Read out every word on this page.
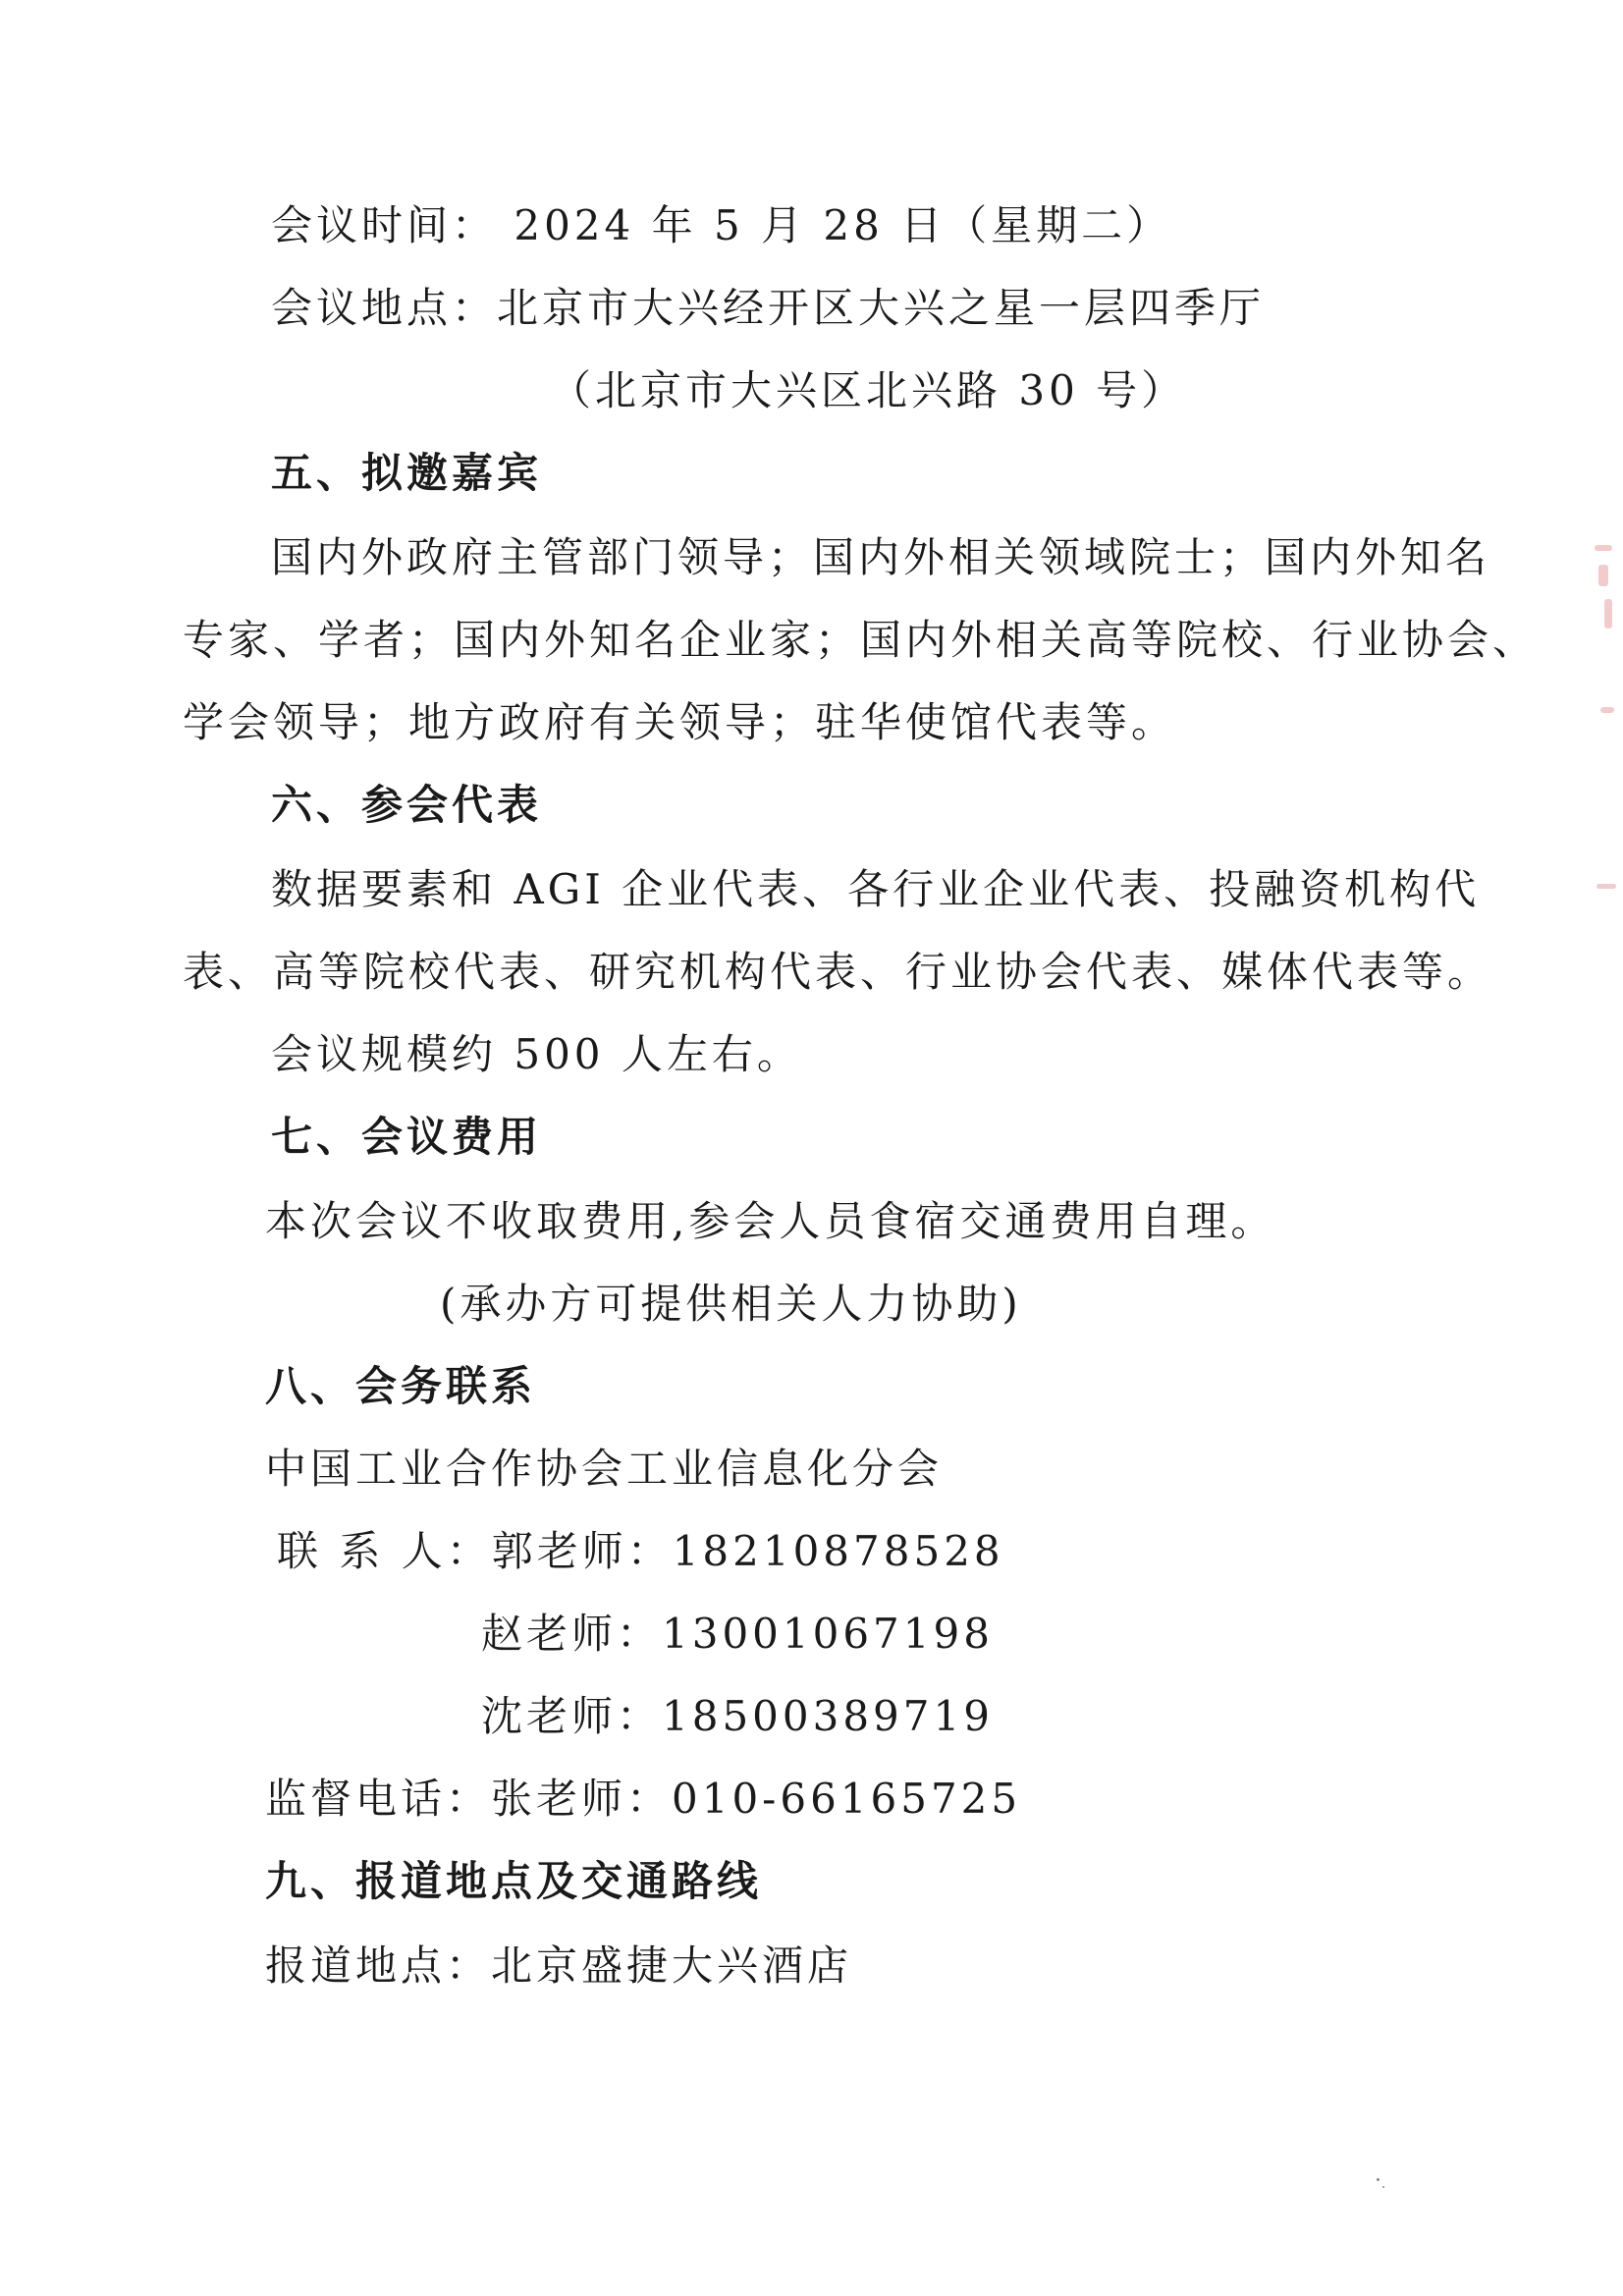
会议时间： 2024 年 5 月 28 日（星期二）
会议地点：北京市大兴经开区大兴之星一层四季厅
（北京市大兴区北兴路 30 号）
五、拟邀嘉宾
国内外政府主管部门领导；国内外相关领域院士；国内外知名
专家、学者；国内外知名企业家；国内外相关高等院校、行业协会、
学会领导；地方政府有关领导；驻华使馆代表等。
六、参会代表
数据要素和 AGI 企业代表、各行业企业代表、投融资机构代
表、高等院校代表、研究机构代表、行业协会代表、媒体代表等。
会议规模约 500 人左右。
七、会议费用
本次会议不收取费用,参会人员食宿交通费用自理。
(承办方可提供相关人力协助)
八、会务联系
中国工业合作协会工业信息化分会
联 系 人：郭老师：18210878528
赵老师：13001067198
沈老师：18500389719
监督电话：张老师：010-66165725
九、报道地点及交通路线
报道地点：北京盛捷大兴酒店
